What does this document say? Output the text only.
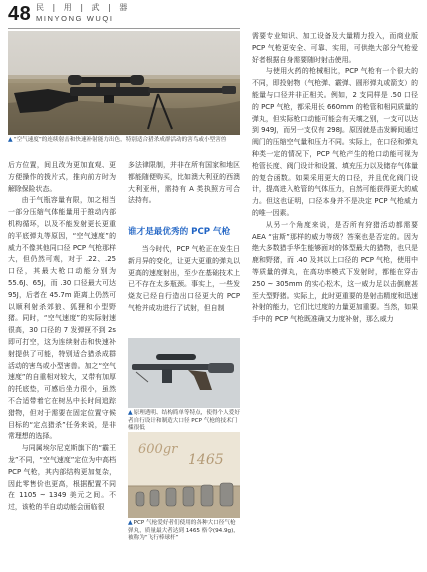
48 民 | 用 | 武 | 器
MINYONG WUQI
▲“空气速度”的连续射击和快速补射能力出色，特别适合猎杀成群活动的害鸟或小型害兽

后方位置，间且改为更加直观、更方便操作的拨片式，推向前方时为解除保险状态。

由于气瓶容量有限，加之相当一部分压缩气体能量用于推动内部机构循环，以及不能发射更长更重的平底弹丸等原因，“空气速度”的威力不像其他同口径 PCP 气枪那样大，但仍然可观，对于 .22、.25 口径，其最大枪口动能分别为 55.6J、65J，而 .30 口径最大可达 95J，后者在 45.7m 距离上仍然可以顺利射杀郊狼、狐狸和小型野猪。同时，“空气速度”的实际射速很高，30 口径的 7 发弹匣不到 2s 即可打空，这为连续射击和快速补射提供了可能，特别适合猎杀成群活动的害鸟或小型害兽。加之“空气速度”的自重相对较大，又带有加厚的托底垫，可感后坐力很小，虽然不合适带着它在树丛中长时间追踪猎物，但对于需要在固定位置守候目标的“定点猎杀”任务来说，是非常理想的选择。

与同属埃尔尼克斯旗下的“霸王龙”不同，“空气速度”定位为中高档 PCP 气枪，其内部结构更加复杂，因此零售价也更高，根据配置不同在 1105 ~ 1349 美元之间。不过，该枪的半自动动能会面临很

多法律限制，并非在所有国家和地区都能随便购买，比如澳大利亚的西澳大利亚州，需持有 A 类执照方可合法持有。

谁才是最优秀的 PCP 气枪

当今时代，PCP 气枪正在发生日新月异的变化，让更大更重的弹丸以更高的速度射出，至少在基础技术上已不存在太多瓶颈。事实上，一些发烧友已经自行造出口径更大的 PCP 气枪并成功进行了试射，但自制

▲原理透明、结构简单等特点，使得个人爱好者自行设计和制造大口径 PCP 气枪的技术门槛很低
600gr
1465
▲PCP 气枪爱好者们使用的各种大口径气枪弹丸，质量最大者达到 1465 格令(94.9g)，被称为“飞行棒球杆”

需要专业知识、加工设备及大量精力投入，而商业版 PCP 气枪更安全、可靠、实用，可供绝大部分气枪爱好者根据自身需要随时射击使用。

与使用火药的枪械相比，PCP 气枪有一个很大的不同，即投射物（气枪弹、霰弹、圆形弹丸或箭支）的能量与口径并非正相关。例如，2 支同样是 .50 口径的 PCP 气枪，都采用长 660mm 的枪管和相同质量的弹丸，但实际枪口动能可能会有天壤之别，一支可以达到 949J，而另一支仅有 298J。原因就是击发瞬间通过阀门的压缩空气量和压力不同。实际上，在口径和弹丸种类一定的情况下，PCP 气枪产生的枪口动能可视为枪管长度、阀门设计和设置、填充压力以及储存气体量的复合函数。如果采用更大的口径，并且优化阀门设计，提高进入枪管的气体压力，自然可能获得更大的威力。但这也证明，口径本身并不是决定 PCP 气枪威力的唯一因素。

从另一个角度来说，是否所有狩猎活动都需要 AEA “宙斯”那样的威力等级？答案也是否定的。因为绝大多数猎手华生能够面对的体型最大的猎物，也只是鹿和野猪，而 .40 及其以上口径的 PCP 气枪，使用中等质量的弹丸，在高功率模式下发射时，都能在穿击 250 ~ 305mm 的实心松木，这一威力足以击倒鹿甚至大型野猪。实际上，此时更重要的是射击精度和迅速补射的能力，它们比过度的力量更加重要。当然，如果手中的 PCP 气枪既准确又力度补射，那么威力
